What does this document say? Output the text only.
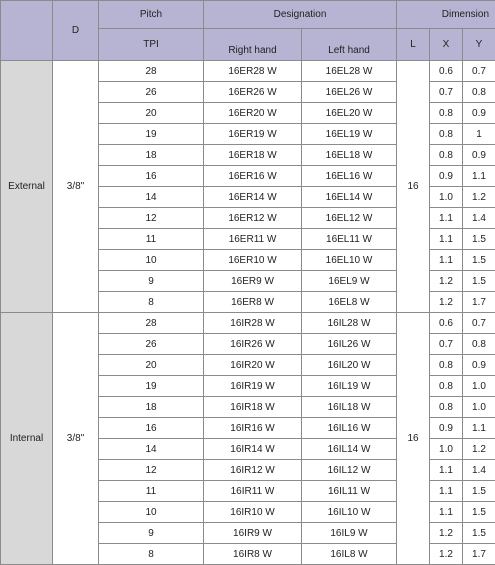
	D	Pitch	Designation		Dimension		
		TPI	Right hand	Left hand	L	X	Y
External	3/8"	28	16ER28 W	16EL28 W	16	0.6	0.7
		26	16ER26 W	16EL26 W		0.7	0.8
		20	16ER20 W	16EL20 W		0.8	0.9
		19	16ER19 W	16EL19 W		0.8	1
		18	16ER18 W	16EL18 W		0.8	0.9
		16	16ER16 W	16EL16 W		0.9	1.1
		14	16ER14 W	16EL14 W		1.0	1.2
		12	16ER12 W	16EL12 W		1.1	1.4
		11	16ER11 W	16EL11 W		1.1	1.5
		10	16ER10 W	16EL10 W		1.1	1.5
		9	16ER9 W	16EL9 W		1.2	1.5
		8	16ER8 W	16EL8 W		1.2	1.7
Internal	3/8"	28	16IR28 W	16IL28 W	16	0.6	0.7
		26	16IR26 W	16IL26 W		0.7	0.8
		20	16IR20 W	16IL20 W		0.8	0.9
		19	16IR19 W	16IL19 W		0.8	1.0
		18	16IR18 W	16IL18 W		0.8	1.0
		16	16IR16 W	16IL16 W		0.9	1.1
		14	16IR14 W	16IL14 W		1.0	1.2
		12	16IR12 W	16IL12 W		1.1	1.4
		11	16IR11 W	16IL11 W		1.1	1.5
		10	16IR10 W	16IL10 W		1.1	1.5
		9	16IR9 W	16IL9 W		1.2	1.5
		8	16IR8 W	16IL8 W		1.2	1.7
